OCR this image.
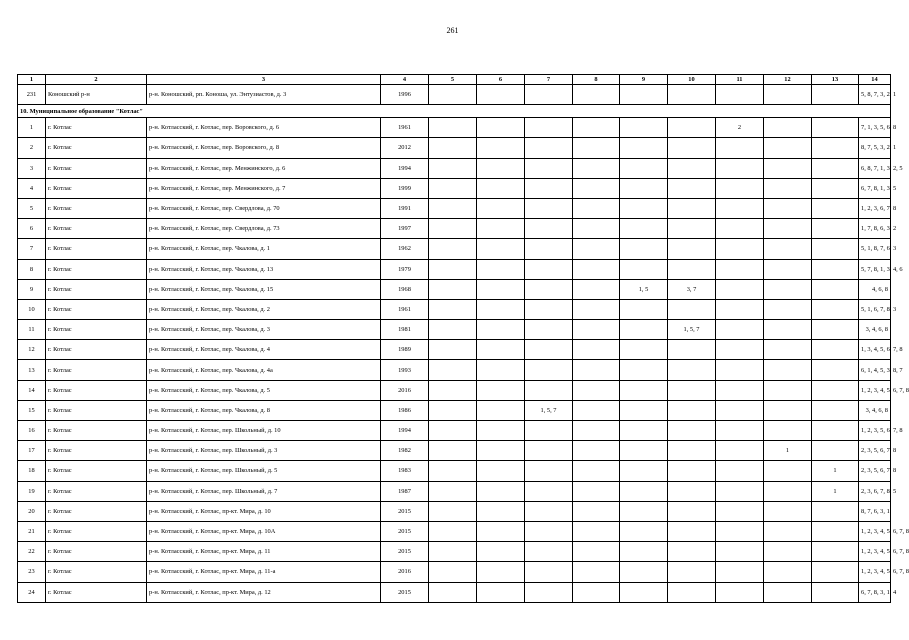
261
1	2	3	4	5	6	7	8	9	10	11	12	13	14
231	Коношский р-н	р-н. Коношский, рп. Коноша, ул. Энтузиастов, д. 3	1996										5, 8, 7, 3, 2, 1
10. Муниципальное образование "Котлас"													
1	г. Котлас	р-н. Котласский, г. Котлас, пер. Воровского, д. 6	1961							2			7, 1, 3, 5, 6, 8
2	г. Котлас	р-н. Котласский, г. Котлас, пер. Воровского, д. 8	2012										8, 7, 5, 3, 2, 1
3	г. Котлас	р-н. Котласский, г. Котлас, пер. Менжинского, д. 6	1994										6, 8, 7, 1, 3, 2, 5
4	г. Котлас	р-н. Котласский, г. Котлас, пер. Менжинского, д. 7	1999										6, 7, 8, 1, 3, 5
5	г. Котлас	р-н. Котласский, г. Котлас, пер. Свердлова, д. 70	1991										1, 2, 3, 6, 7, 8
6	г. Котлас	р-н. Котласский, г. Котлас, пер. Свердлова, д. 73	1997										1, 7, 8, 6, 3, 2
7	г. Котлас	р-н. Котласский, г. Котлас, пер. Чкалова, д. 1	1962										5, 1, 8, 7, 6, 3
8	г. Котлас	р-н. Котласский, г. Котлас, пер. Чкалова, д. 13	1979										5, 7, 8, 1, 3, 4, 6
9	г. Котлас	р-н. Котласский, г. Котлас, пер. Чкалова, д. 15	1968					1, 5	3, 7				4, 6, 8
10	г. Котлас	р-н. Котласский, г. Котлас, пер. Чкалова, д. 2	1961										5, 1, 6, 7, 8, 3
11	г. Котлас	р-н. Котласский, г. Котлас, пер. Чкалова, д. 3	1981						1, 5, 7				3, 4, 6, 8
12	г. Котлас	р-н. Котласский, г. Котлас, пер. Чкалова, д. 4	1989										1, 3, 4, 5, 6, 7, 8
13	г. Котлас	р-н. Котласский, г. Котлас, пер. Чкалова, д. 4а	1993										6, 1, 4, 5, 3, 8, 7
14	г. Котлас	р-н. Котласский, г. Котлас, пер. Чкалова, д. 5	2016										1, 2, 3, 4, 5, 6, 7, 8
15	г. Котлас	р-н. Котласский, г. Котлас, пер. Чкалова, д. 8	1986			1, 5, 7							3, 4, 6, 8
16	г. Котлас	р-н. Котласский, г. Котлас, пер. Школьный, д. 10	1994										1, 2, 3, 5, 6, 7, 8
17	г. Котлас	р-н. Котласский, г. Котлас, пер. Школьный, д. 3	1982								1		2, 3, 5, 6, 7, 8
18	г. Котлас	р-н. Котласский, г. Котлас, пер. Школьный, д. 5	1983									1	2, 3, 5, 6, 7, 8
19	г. Котлас	р-н. Котласский, г. Котлас, пер. Школьный, д. 7	1987									1	2, 3, 6, 7, 8, 5
20	г. Котлас	р-н. Котласский, г. Котлас, пр-кт. Мира, д. 10	2015										8, 7, 6, 3, 1
21	г. Котлас	р-н. Котласский, г. Котлас, пр-кт. Мира, д. 10А	2015										1, 2, 3, 4, 5, 6, 7, 8
22	г. Котлас	р-н. Котласский, г. Котлас, пр-кт. Мира, д. 11	2015										1, 2, 3, 4, 5, 6, 7, 8
23	г. Котлас	р-н. Котласский, г. Котлас, пр-кт. Мира, д. 11-а	2016										1, 2, 3, 4, 5, 6, 7, 8
24	г. Котлас	р-н. Котласский, г. Котлас, пр-кт. Мира, д. 12	2015										6, 7, 8, 3, 1, 4
